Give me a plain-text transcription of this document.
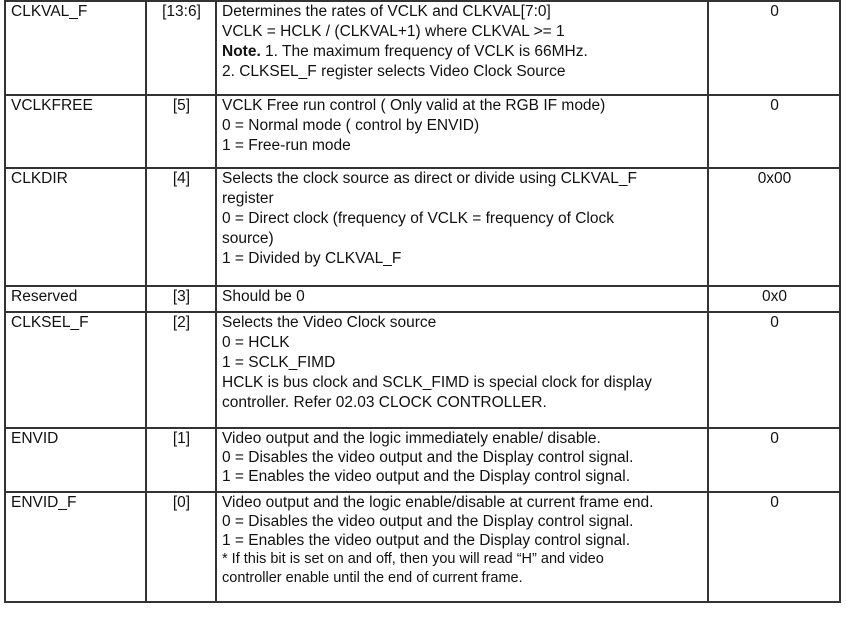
CLKVAL_F	[13:6]	Determines the rates of VCLK and CLKVAL[7:0]
VCLK = HCLK / (CLKVAL+1) where CLKVAL >= 1
Note. 1. The maximum frequency of VCLK is 66MHz.
2. CLKSEL_F register selects Video Clock Source	0
VCLKFREE	[5]	VCLK Free run control ( Only valid at the RGB IF mode)
0 = Normal mode ( control by ENVID)
1 = Free-run mode	0
CLKDIR	[4]	Selects the clock source as direct or divide using CLKVAL_F
register
0 = Direct clock (frequency of VCLK = frequency of Clock
source)
1 = Divided by CLKVAL_F	0x00
Reserved	[3]	Should be 0	0x0
CLKSEL_F	[2]	Selects the Video Clock source
0 = HCLK
1 = SCLK_FIMD
HCLK is bus clock and SCLK_FIMD is special clock for display
controller. Refer 02.03 CLOCK CONTROLLER.	0
ENVID	[1]	Video output and the logic immediately enable/ disable.
0 = Disables the video output and the Display control signal.
1 = Enables the video output and the Display control signal.	0
ENVID_F	[0]	Video output and the logic enable/disable at current frame end.
0 = Disables the video output and the Display control signal.
1 = Enables the video output and the Display control signal.
* If this bit is set on and off, then you will read “H” and video
controller enable until the end of current frame.	0
